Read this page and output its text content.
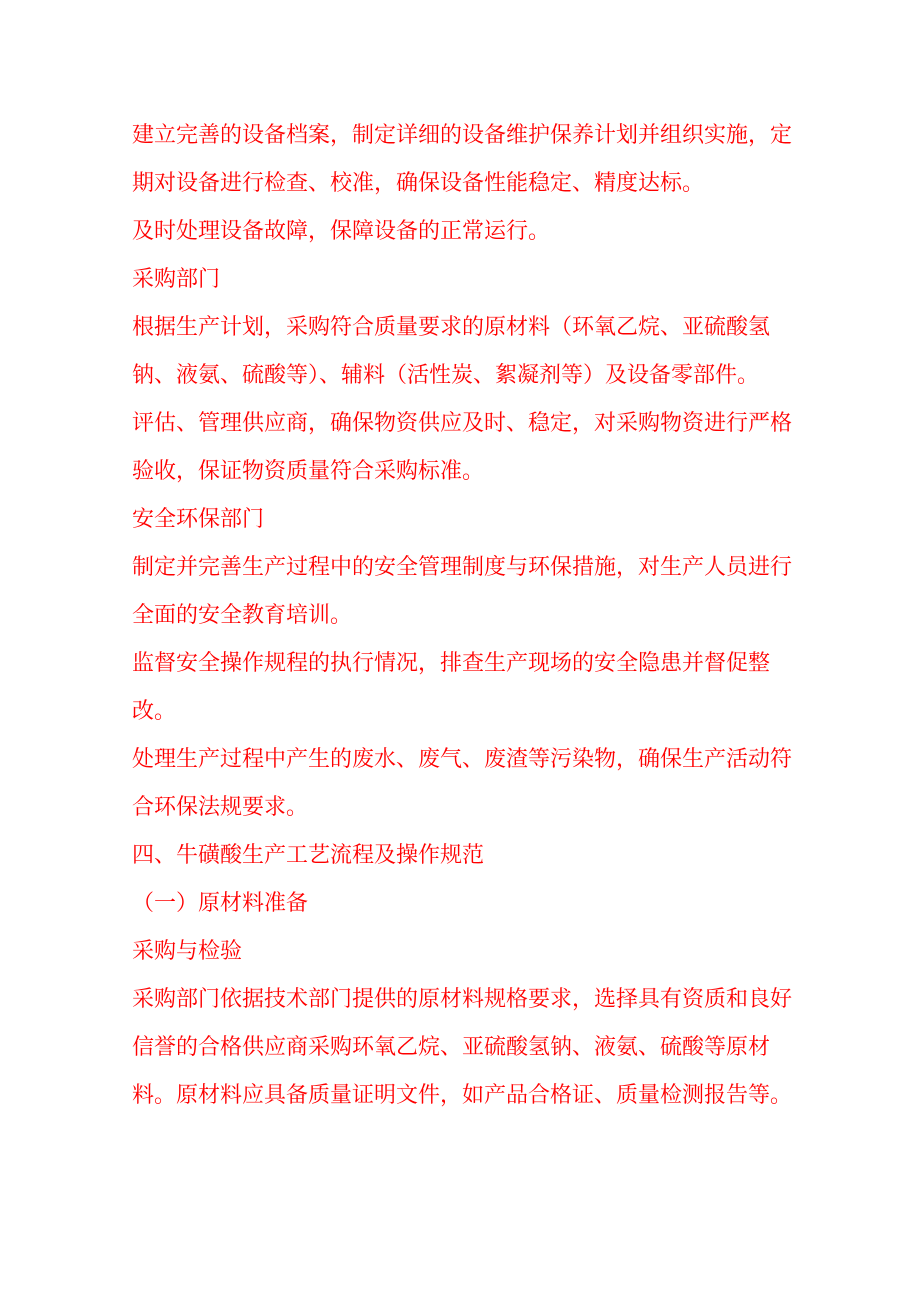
建立完善的设备档案，制定详细的设备维护保养计划并组织实施，定期对设备进行检查、校准，确保设备性能稳定、精度达标。

及时处理设备故障，保障设备的正常运行。

采购部门

根据生产计划，采购符合质量要求的原材料（环氧乙烷、亚硫酸氢钠、液氨、硫酸等）、辅料（活性炭、絮凝剂等）及设备零部件。

评估、管理供应商，确保物资供应及时、稳定，对采购物资进行严格验收，保证物资质量符合采购标准。

安全环保部门

制定并完善生产过程中的安全管理制度与环保措施，对生产人员进行全面的安全教育培训。

监督安全操作规程的执行情况，排查生产现场的安全隐患并督促整改。

处理生产过程中产生的废水、废气、废渣等污染物，确保生产活动符合环保法规要求。

四、牛磺酸生产工艺流程及操作规范

（一）原材料准备

采购与检验

采购部门依据技术部门提供的原材料规格要求，选择具有资质和良好信誉的合格供应商采购环氧乙烷、亚硫酸氢钠、液氨、硫酸等原材料。原材料应具备质量证明文件，如产品合格证、质量检测报告等。
